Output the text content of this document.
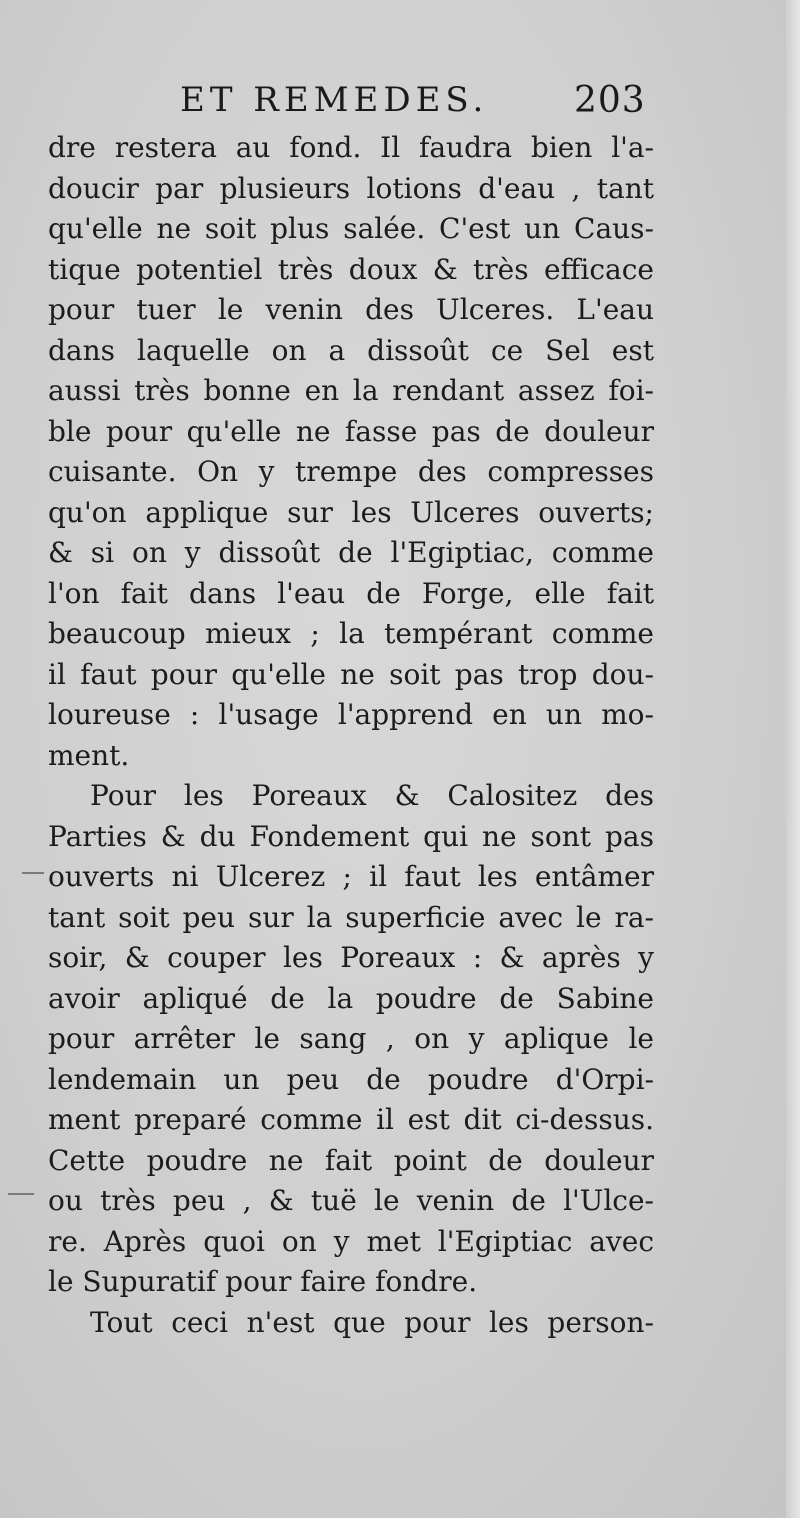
ET REMEDES. 203
dre restera au fond. Il faudra bien l'a-
doucir par plusieurs lotions d'eau , tant
qu'elle ne soit plus salée. C'est un Caus-
tique potentiel très doux & très efficace
pour tuer le venin des Ulceres. L'eau
dans laquelle on a dissoût ce Sel est
aussi très bonne en la rendant assez foi-
ble pour qu'elle ne fasse pas de douleur
cuisante. On y trempe des compresses
qu'on applique sur les Ulceres ouverts;
& si on y dissoût de l'Egiptiac, comme
l'on fait dans l'eau de Forge, elle fait
beaucoup mieux ; la tempérant comme
il faut pour qu'elle ne soit pas trop dou-
loureuse : l'usage l'apprend en un mo-
ment.
Pour les Poreaux & Calositez des
Parties & du Fondement qui ne sont pas
ouverts ni Ulcerez ; il faut les entâmer
tant soit peu sur la superficie avec le ra-
soir, & couper les Poreaux : & après y
avoir apliqué de la poudre de Sabine
pour arrêter le sang , on y aplique le
lendemain un peu de poudre d'Orpi-
ment preparé comme il est dit ci-dessus.
Cette poudre ne fait point de douleur
ou très peu , & tuë le venin de l'Ulce-
re. Après quoi on y met l'Egiptiac avec
le Supuratif pour faire fondre.
Tout ceci n'est que pour les person-
